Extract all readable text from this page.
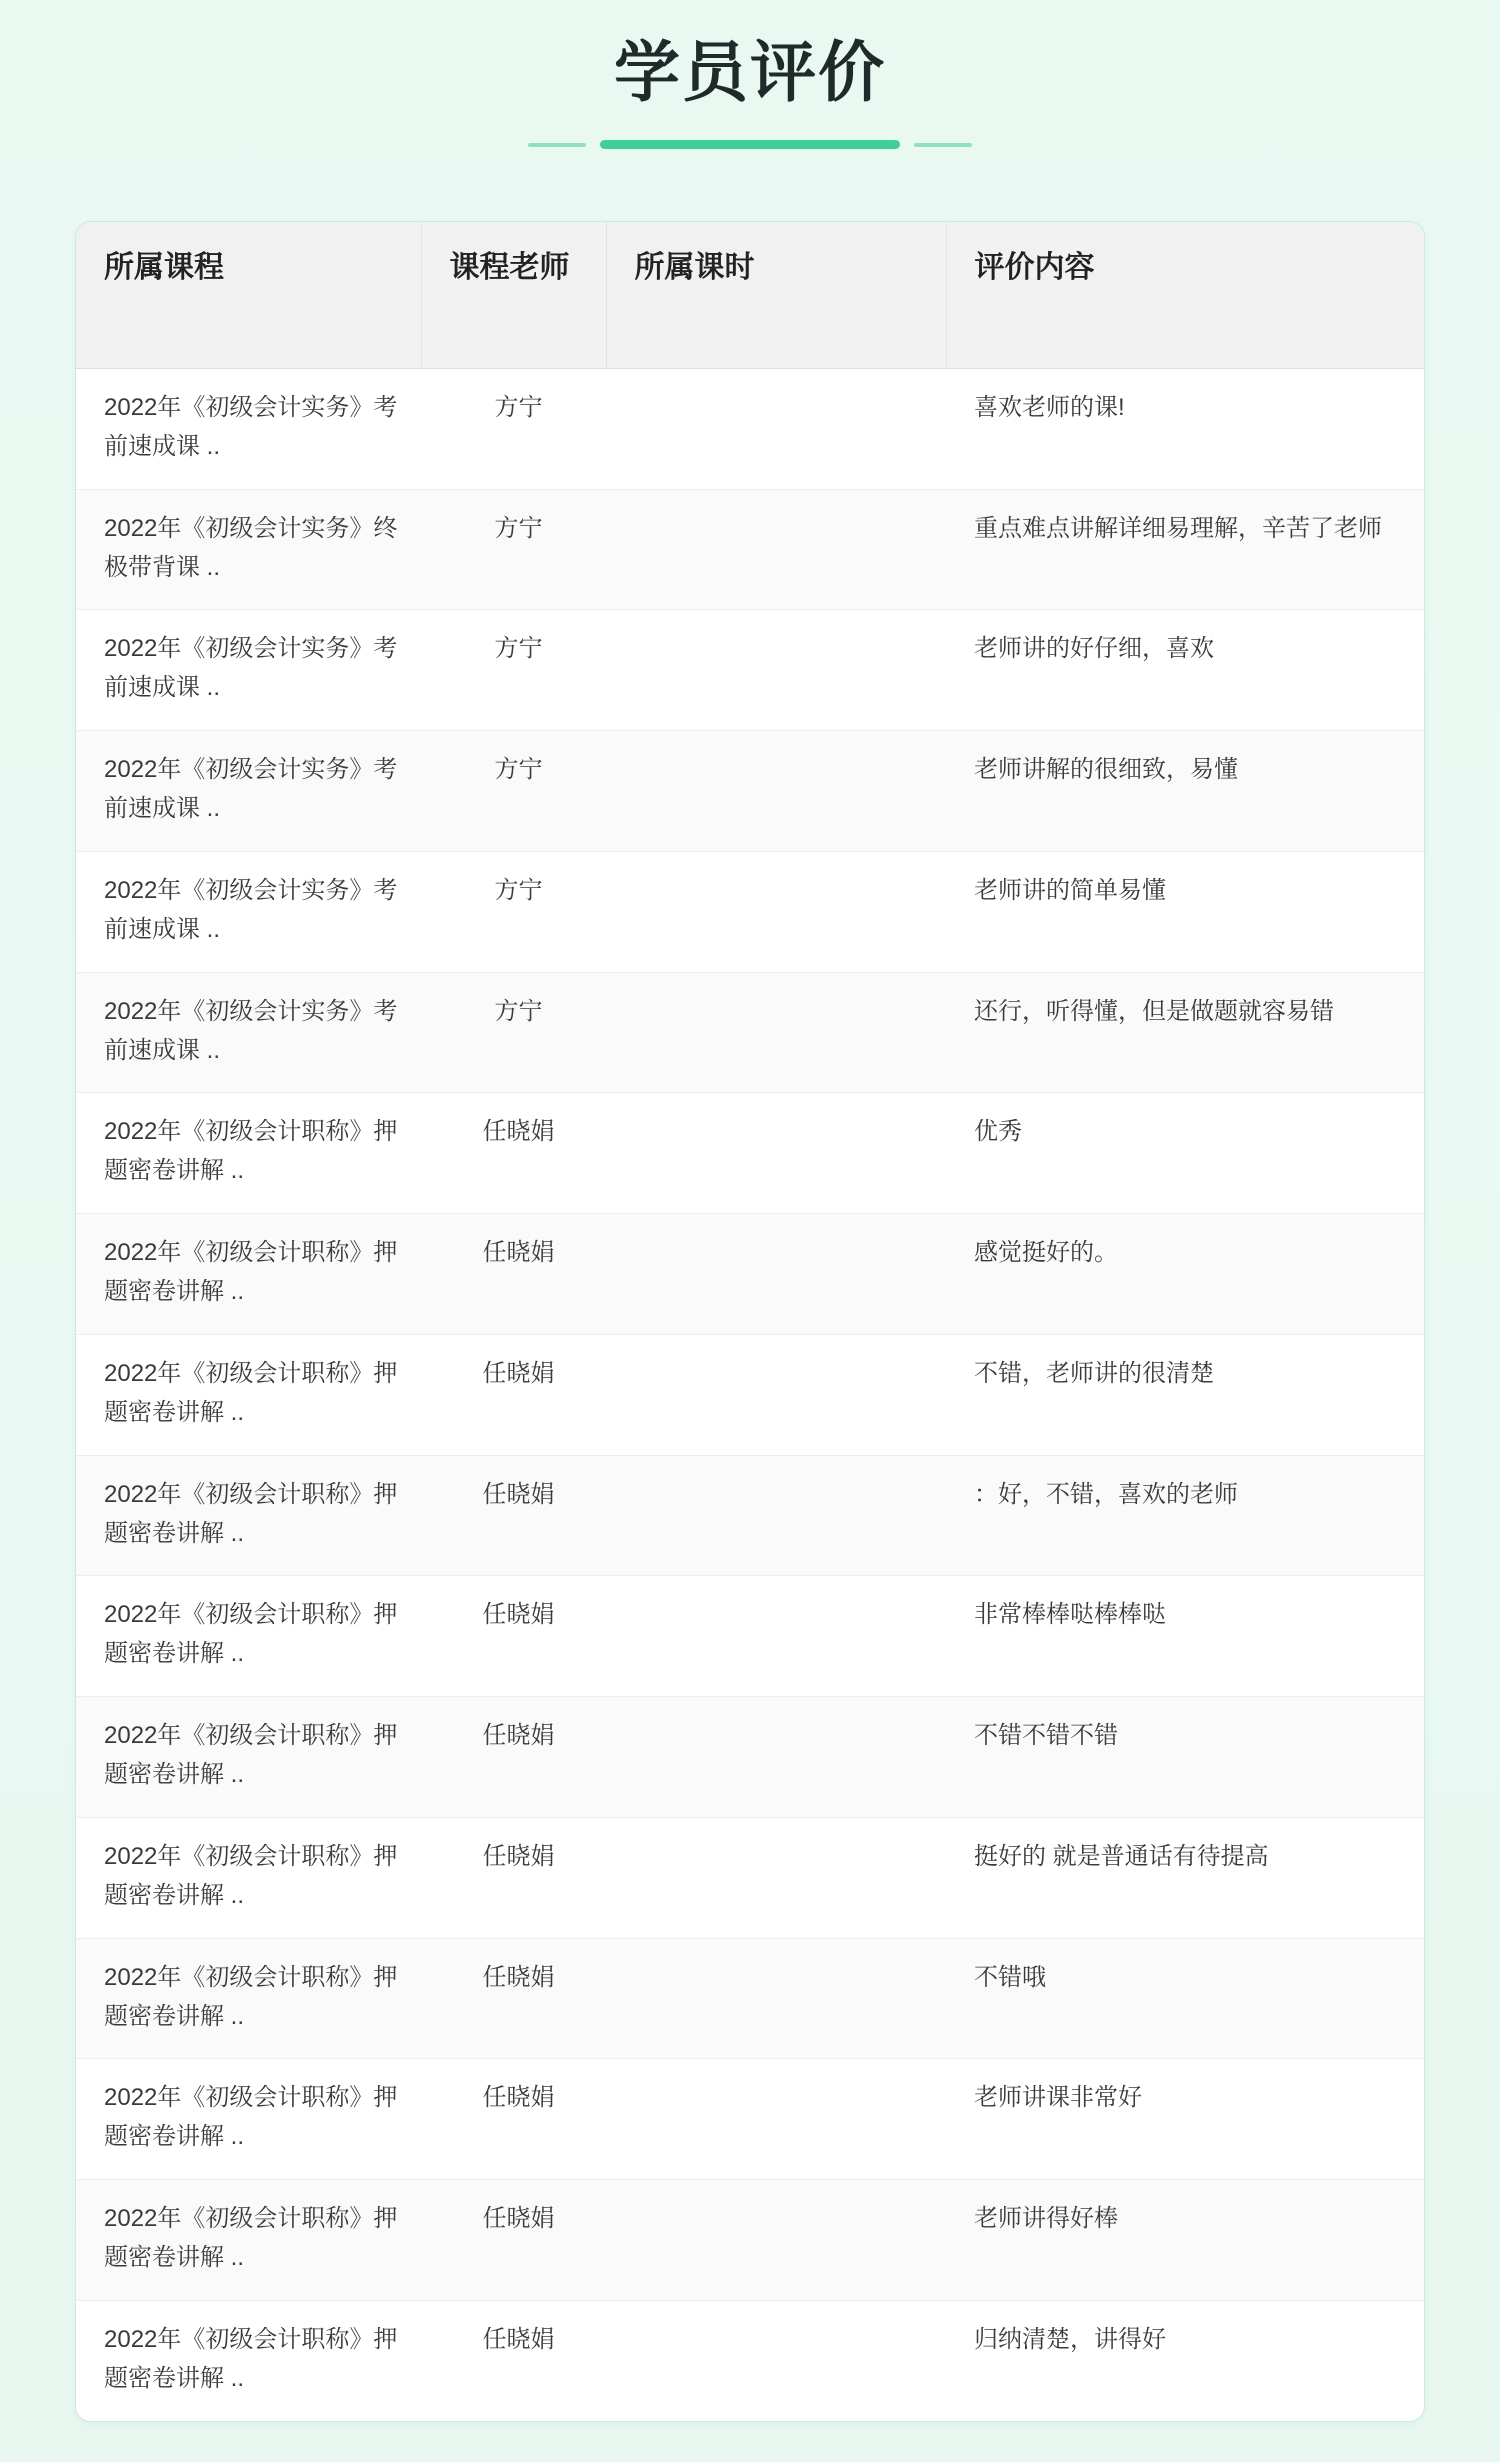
学员评价
所属课程	课程老师	所属课时	评价内容
2022年《初级会计实务》考前速成课 ..	方宁		喜欢老师的课!
2022年《初级会计实务》终极带背课 ..	方宁		重点难点讲解详细易理解，辛苦了老师
2022年《初级会计实务》考前速成课 ..	方宁		老师讲的好仔细，喜欢
2022年《初级会计实务》考前速成课 ..	方宁		老师讲解的很细致，易懂
2022年《初级会计实务》考前速成课 ..	方宁		老师讲的简单易懂
2022年《初级会计实务》考前速成课 ..	方宁		还行，听得懂，但是做题就容易错
2022年《初级会计职称》押题密卷讲解 ..	任晓娟		优秀
2022年《初级会计职称》押题密卷讲解 ..	任晓娟		感觉挺好的。
2022年《初级会计职称》押题密卷讲解 ..	任晓娟		不错，老师讲的很清楚
2022年《初级会计职称》押题密卷讲解 ..	任晓娟		：好，不错，喜欢的老师
2022年《初级会计职称》押题密卷讲解 ..	任晓娟		非常棒棒哒棒棒哒
2022年《初级会计职称》押题密卷讲解 ..	任晓娟		不错不错不错
2022年《初级会计职称》押题密卷讲解 ..	任晓娟		挺好的 就是普通话有待提高
2022年《初级会计职称》押题密卷讲解 ..	任晓娟		不错哦
2022年《初级会计职称》押题密卷讲解 ..	任晓娟		老师讲课非常好
2022年《初级会计职称》押题密卷讲解 ..	任晓娟		老师讲得好棒
2022年《初级会计职称》押题密卷讲解 ..	任晓娟		归纳清楚，讲得好
